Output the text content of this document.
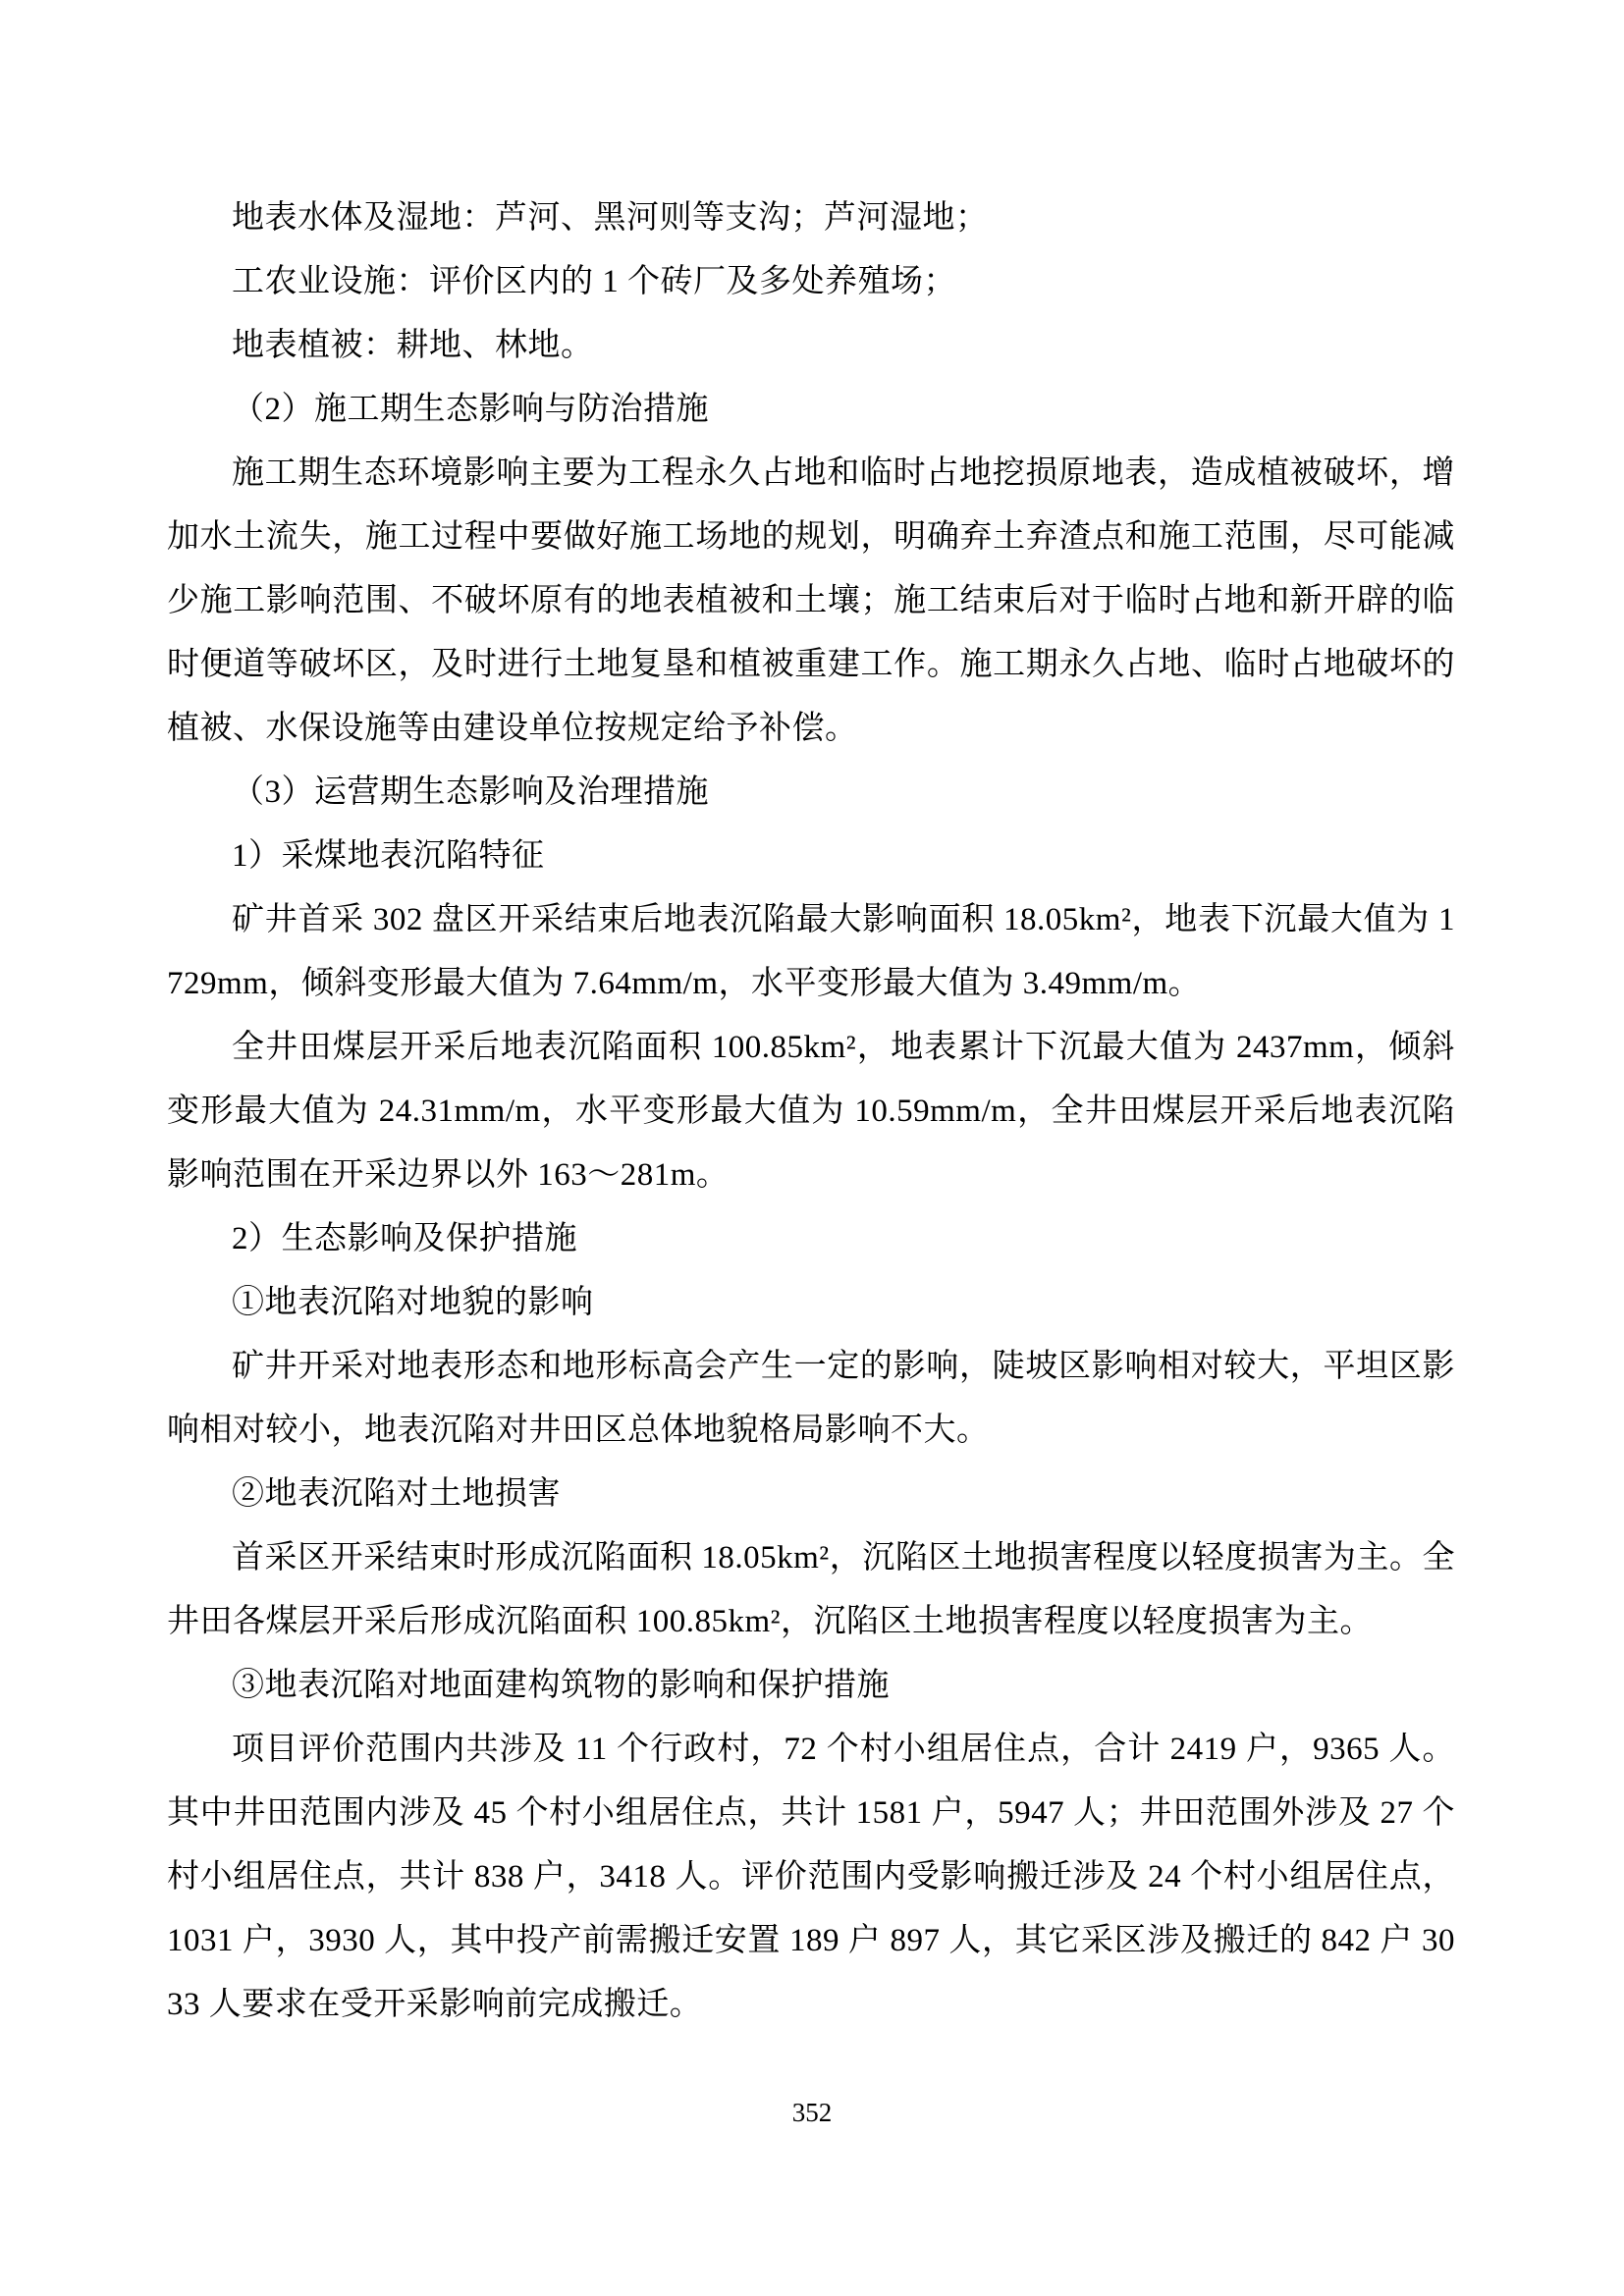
地表水体及湿地：芦河、黑河则等支沟；芦河湿地；

工农业设施：评价区内的 1 个砖厂及多处养殖场；

地表植被：耕地、林地。

（2）施工期生态影响与防治措施

施工期生态环境影响主要为工程永久占地和临时占地挖损原地表，造成植被破坏，增加水土流失，施工过程中要做好施工场地的规划，明确弃土弃渣点和施工范围，尽可能减少施工影响范围、不破坏原有的地表植被和土壤；施工结束后对于临时占地和新开辟的临时便道等破坏区，及时进行土地复垦和植被重建工作。施工期永久占地、临时占地破坏的植被、水保设施等由建设单位按规定给予补偿。

（3）运营期生态影响及治理措施

1）采煤地表沉陷特征

矿井首采 302 盘区开采结束后地表沉陷最大影响面积 18.05km²，地表下沉最大值为 1729mm，倾斜变形最大值为 7.64mm/m，水平变形最大值为 3.49mm/m。

全井田煤层开采后地表沉陷面积 100.85km²，地表累计下沉最大值为 2437mm，倾斜变形最大值为 24.31mm/m，水平变形最大值为 10.59mm/m，全井田煤层开采后地表沉陷影响范围在开采边界以外 163～281m。

2）生态影响及保护措施

①地表沉陷对地貌的影响

矿井开采对地表形态和地形标高会产生一定的影响，陡坡区影响相对较大，平坦区影响相对较小，地表沉陷对井田区总体地貌格局影响不大。

②地表沉陷对土地损害

首采区开采结束时形成沉陷面积 18.05km²，沉陷区土地损害程度以轻度损害为主。全井田各煤层开采后形成沉陷面积 100.85km²，沉陷区土地损害程度以轻度损害为主。

③地表沉陷对地面建构筑物的影响和保护措施

项目评价范围内共涉及 11 个行政村，72 个村小组居住点，合计 2419 户，9365 人。其中井田范围内涉及 45 个村小组居住点，共计 1581 户，5947 人；井田范围外涉及 27 个村小组居住点，共计 838 户，3418 人。评价范围内受影响搬迁涉及 24 个村小组居住点，1031 户，3930 人，其中投产前需搬迁安置 189 户 897 人，其它采区涉及搬迁的 842 户 3033 人要求在受开采影响前完成搬迁。

352
